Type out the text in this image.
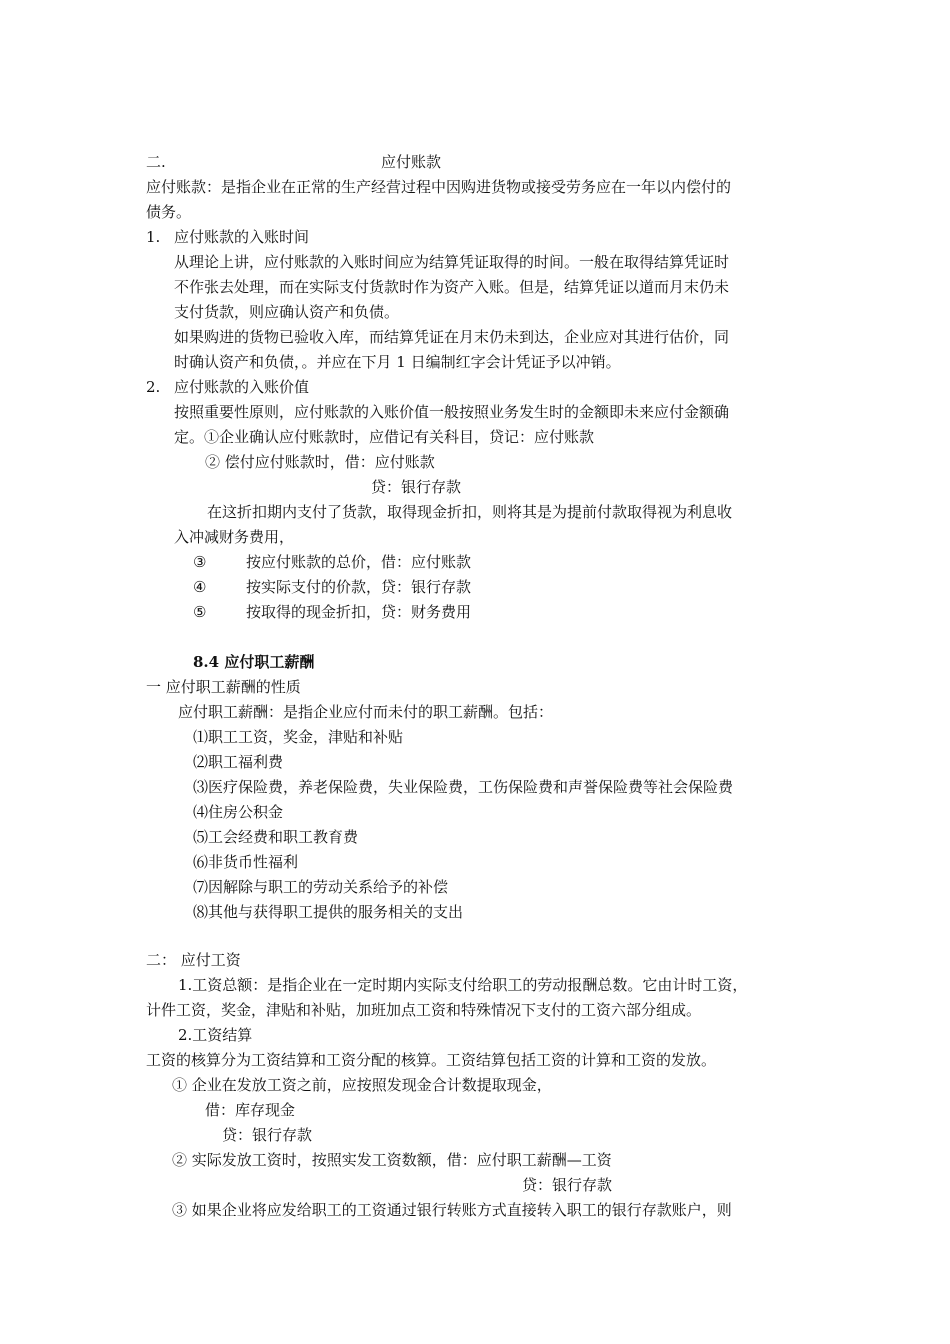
二.	应付账款
应付账款：是指企业在正常的生产经营过程中因购进货物或接受劳务应在一年以内偿付的
债务。
1. 应付账款的入账时间
从理论上讲，应付账款的入账时间应为结算凭证取得的时间。一般在取得结算凭证时
不作张去处理，而在实际支付货款时作为资产入账。但是，结算凭证以道而月末仍未
支付货款，则应确认资产和负债。
如果购进的货物已验收入库，而结算凭证在月末仍未到达，企业应对其进行估价，同
时确认资产和负债，。并应在下月 1 日编制红字会计凭证予以冲销。
2. 应付账款的入账价值
按照重要性原则，应付账款的入账价值一般按照业务发生时的金额即未来应付金额确
定。①企业确认应付账款时，应借记有关科目，贷记：应付账款
② 偿付应付账款时，借：应付账款
贷：银行存款
在这折扣期内支付了货款，取得现金折扣，则将其是为提前付款取得视为利息收
入冲减财务费用，
③	按应付账款的总价，借：应付账款
④	按实际支付的价款，贷：银行存款
⑤	按取得的现金折扣，贷：财务费用
8.4 应付职工薪酬
一 应付职工薪酬的性质
应付职工薪酬：是指企业应付而未付的职工薪酬。包括：
⑴职工工资，奖金，津贴和补贴
⑵职工福利费
⑶医疗保险费，养老保险费，失业保险费，工伤保险费和声誉保险费等社会保险费
⑷住房公积金
⑸工会经费和职工教育费
⑹非货币性福利
⑺因解除与职工的劳动关系给予的补偿
⑻其他与获得职工提供的服务相关的支出
二： 应付工资
1.工资总额：是指企业在一定时期内实际支付给职工的劳动报酬总数。它由计时工资，
计件工资，奖金，津贴和补贴，加班加点工资和特殊情况下支付的工资六部分组成。
2.工资结算
工资的核算分为工资结算和工资分配的核算。工资结算包括工资的计算和工资的发放。
① 企业在发放工资之前，应按照发现金合计数提取现金，
借：库存现金
贷：银行存款
② 实际发放工资时，按照实发工资数额，借：应付职工薪酬—工资
贷：银行存款
③ 如果企业将应发给职工的工资通过银行转账方式直接转入职工的银行存款账户，则
